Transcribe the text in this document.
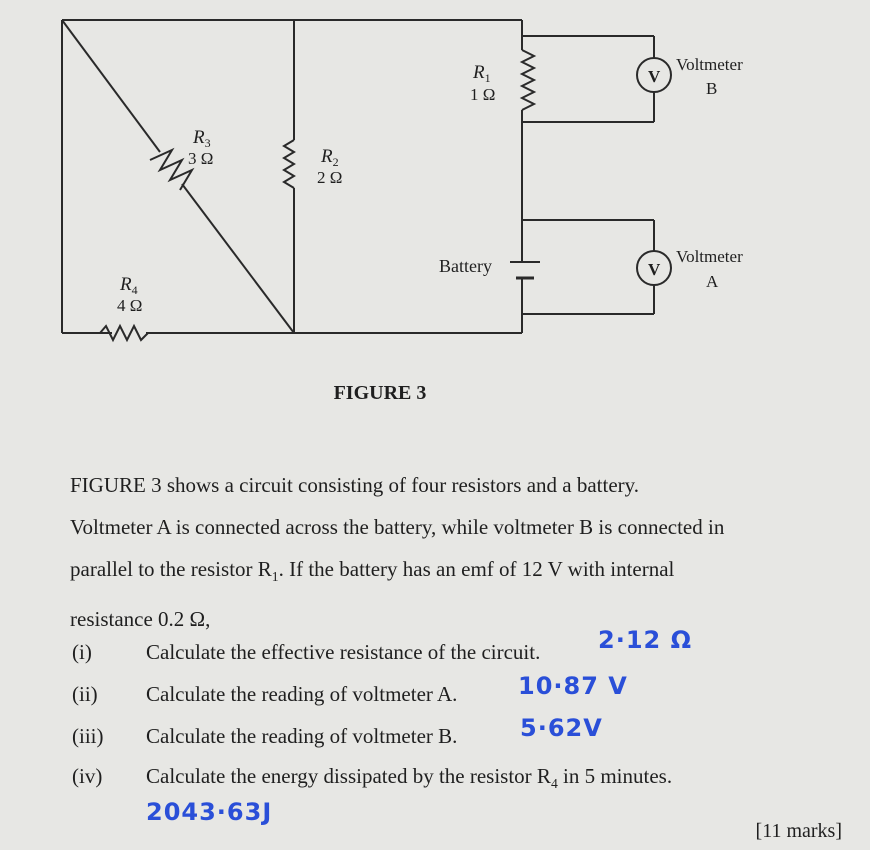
$R_1$
1 Ω
$R_3$
3 Ω	$R_2$
2 Ω
$R_4$
4 Ω
Battery
V
Voltmeter
B
V
Voltmeter
A
FIGURE 3
FIGURE 3 shows a circuit consisting of four resistors and a battery.
Voltmeter A is connected across the battery, while voltmeter B is connected in
parallel to the resistor $R_1$. If the battery has an emf of 12 V with internal
resistance 0.2 Ω,
(i)	Calculate the effective resistance of the circuit. 2·12 Ω
(ii) Calculate the reading of voltmeter A.	10·87 V
(iii) Calculate the reading of voltmeter B.	5·62V
(iv) Calculate the energy dissipated by the resistor $R_4$ in 5 minutes.
2043·63J
[11 marks]
